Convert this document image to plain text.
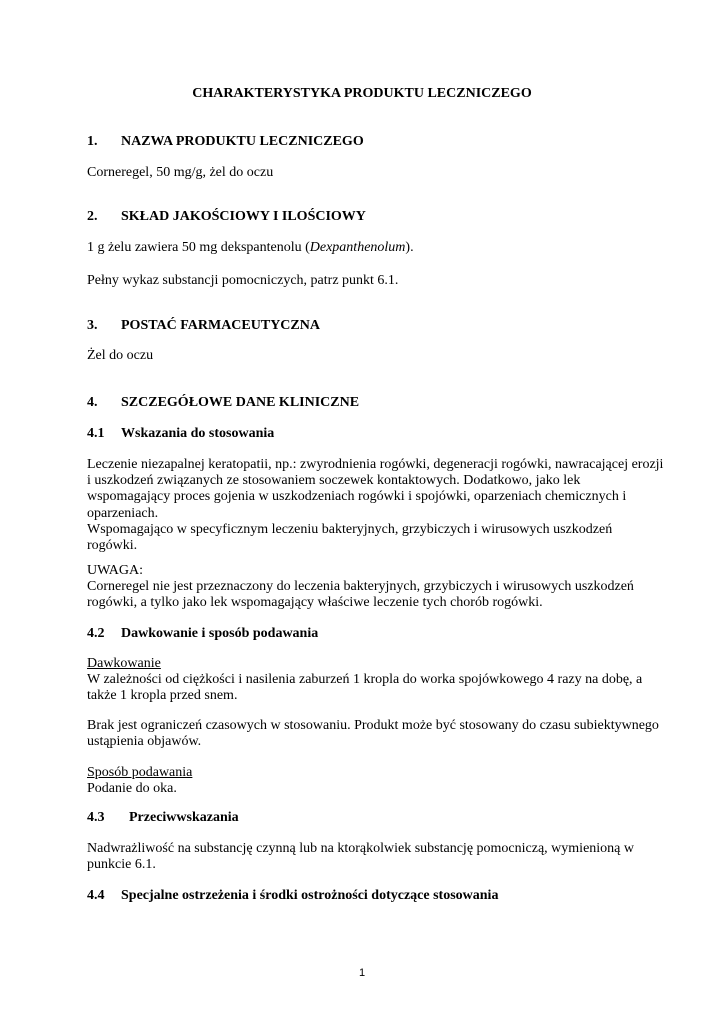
CHARAKTERYSTYKA PRODUKTU LECZNICZEGO
1. NAZWA PRODUKTU LECZNICZEGO

Corneregel, 50 mg/g, żel do oczu

2. SKŁAD JAKOŚCIOWY I ILOŚCIOWY

1 g żelu zawiera 50 mg dekspantenolu (Dexpanthenolum).

Pełny wykaz substancji pomocniczych, patrz punkt 6.1.

3. POSTAĆ FARMACEUTYCZNA

Żel do oczu

4. SZCZEGÓŁOWE DANE KLINICZNE
4.1 Wskazania do stosowania

Leczenie niezapalnej keratopatii, np.: zwyrodnienia rogówki, degeneracji rogówki, nawracającej erozji
i uszkodzeń związanych ze stosowaniem soczewek kontaktowych. Dodatkowo, jako lek
wspomagający proces gojenia w uszkodzeniach rogówki i spojówki, oparzeniach chemicznych i
oparzeniach.
Wspomagająco w specyficznym leczeniu bakteryjnych, grzybiczych i wirusowych uszkodzeń
rogówki.

UWAGA:
Corneregel nie jest przeznaczony do leczenia bakteryjnych, grzybiczych i wirusowych uszkodzeń
rogówki, a tylko jako lek wspomagający właściwe leczenie tych chorób rogówki.

4.2 Dawkowanie i sposób podawania

Dawkowanie
W zależności od ciężkości i nasilenia zaburzeń 1 kropla do worka spojówkowego 4 razy na dobę, a
także 1 kropla przed snem.

Brak jest ograniczeń czasowych w stosowaniu. Produkt może być stosowany do czasu subiektywnego
ustąpienia objawów.

Sposób podawania
Podanie do oka.

4.3 Przeciwwskazania

Nadwrażliwość na substancję czynną lub na ktorąkolwiek substancję pomocniczą, wymienioną w
punkcie 6.1.

4.4 Specjalne ostrzeżenia i środki ostrożności dotyczące stosowania
1
